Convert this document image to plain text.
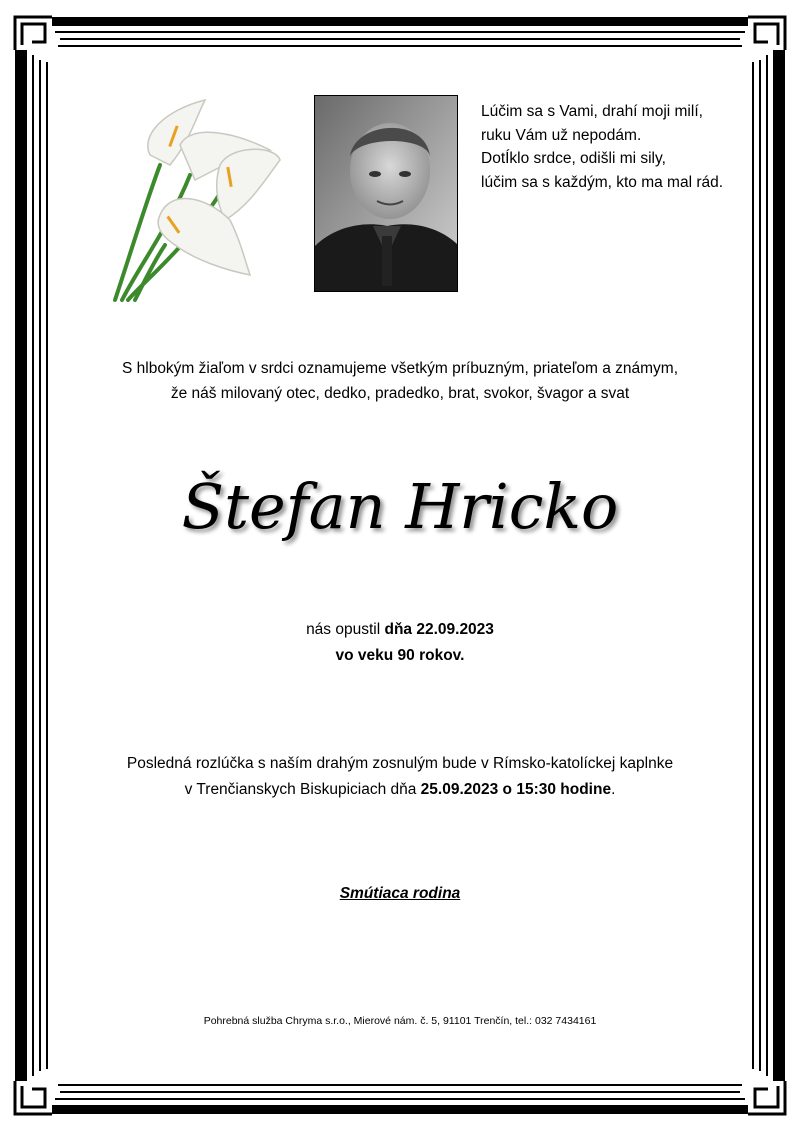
Lúčim sa s Vami, drahí moji milí,
ruku Vám už nepodám.
DotÍklo srdce, odišli mi sily,
lúčim sa s každým, kto ma mal rád.
S hlbokým žiaľom v srdci oznamujeme všetkým príbuzným, priateľom a známym,
že náš milovaný otec, dedko, pradedko, brat, svokor, švagor a svat
Štefan Hricko
nás opustil dňa 22.09.2023
vo veku 90 rokov.
Posledná rozlúčka s naším drahým zosnulým bude v Rímsko-katolíckej kaplnke
v Trenčianskych Biskupiciach dňa 25.09.2023 o 15:30 hodine.
Smútiaca rodina
Pohrebná služba Chryma s.r.o., Mierové nám. č. 5, 91101 Trenčín, tel.: 032 7434161
